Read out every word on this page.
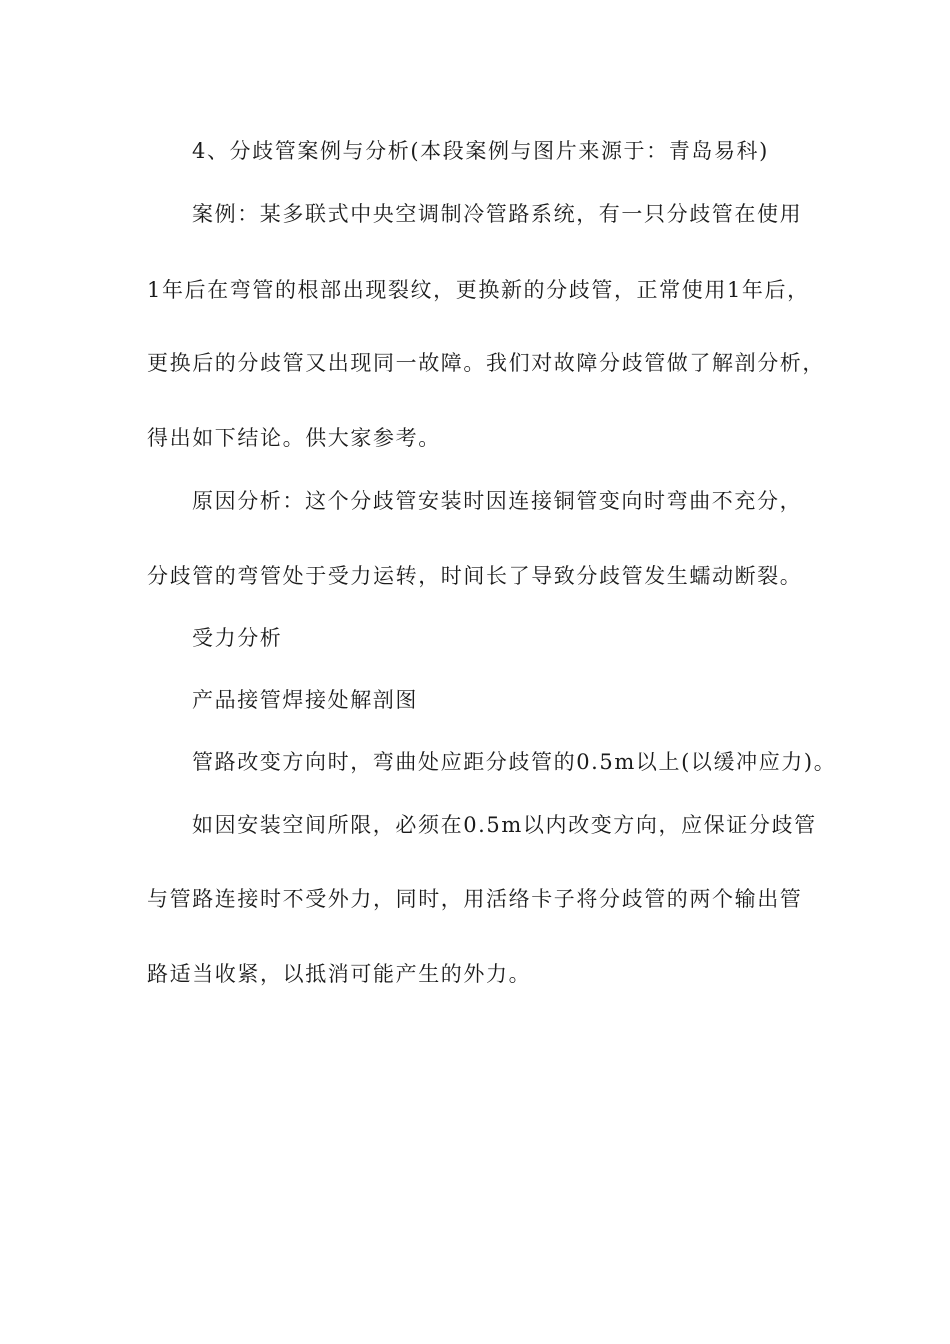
4、分歧管案例与分析(本段案例与图片来源于：青岛易科)
案例：某多联式中央空调制冷管路系统，有一只分歧管在使用
1年后在弯管的根部出现裂纹，更换新的分歧管，正常使用1年后，
更换后的分歧管又出现同一故障。我们对故障分歧管做了解剖分析，
得出如下结论。供大家参考。
原因分析：这个分歧管安装时因连接铜管变向时弯曲不充分，
分歧管的弯管处于受力运转，时间长了导致分歧管发生蠕动断裂。
受力分析
产品接管焊接处解剖图
管路改变方向时，弯曲处应距分歧管的0.5m以上(以缓冲应力)。
如因安装空间所限，必须在0.5m以内改变方向，应保证分歧管
与管路连接时不受外力，同时，用活络卡子将分歧管的两个输出管
路适当收紧，以抵消可能产生的外力。
